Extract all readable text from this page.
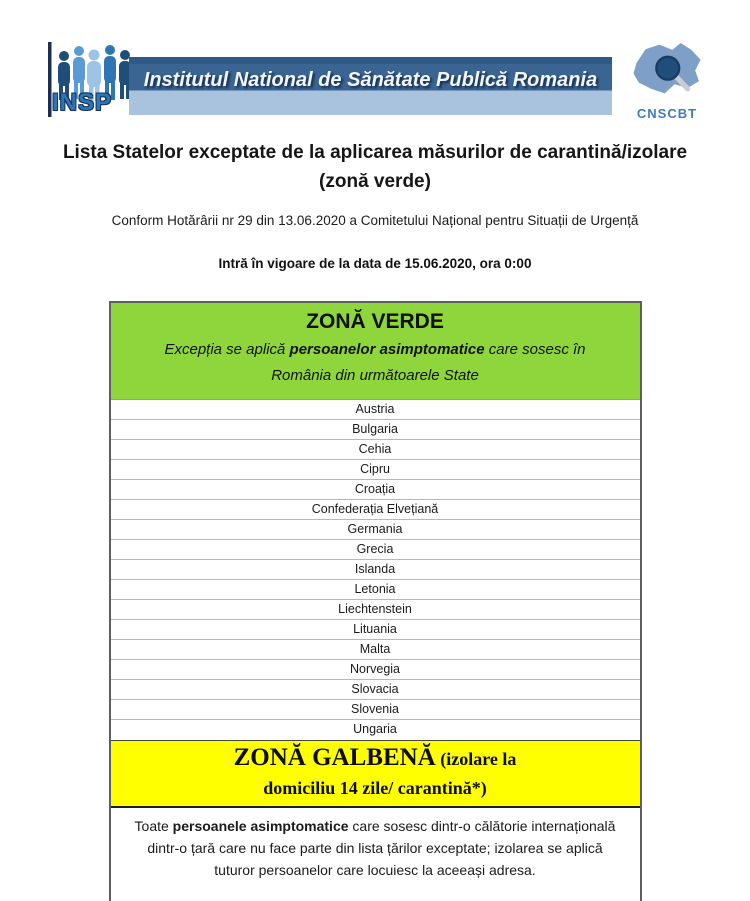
INSP
Institutul National de Sănătate Publică Romania
CNSCBT
Lista Statelor exceptate de la aplicarea măsurilor de carantină/izolare
(zonă verde)

Conform Hotărârii nr 29 din 13.06.2020 a Comitetului Național pentru Situații de Urgență

Intră în vigoare de la data de 15.06.2020, ora 0:00

ZONĂ VERDE
Excepția se aplică persoanelor asimptomatice care sosesc în România din următoarele State
Austria
Bulgaria
Cehia
Cipru
Croația
Confederația Elvețiană
Germania
Grecia
Islanda
Letonia
Liechtenstein
Lituania
Malta
Norvegia
Slovacia
Slovenia
Ungaria
ZONĂ GALBENĂ (izolare la
domiciliu 14 zile/ carantină*)
Toate persoanele asimptomatice care sosesc dintr-o călătorie internațională dintr-o țară care nu face parte din lista țărilor exceptate; izolarea se aplică tuturor persoanelor care locuiesc la aceeași adresa.
